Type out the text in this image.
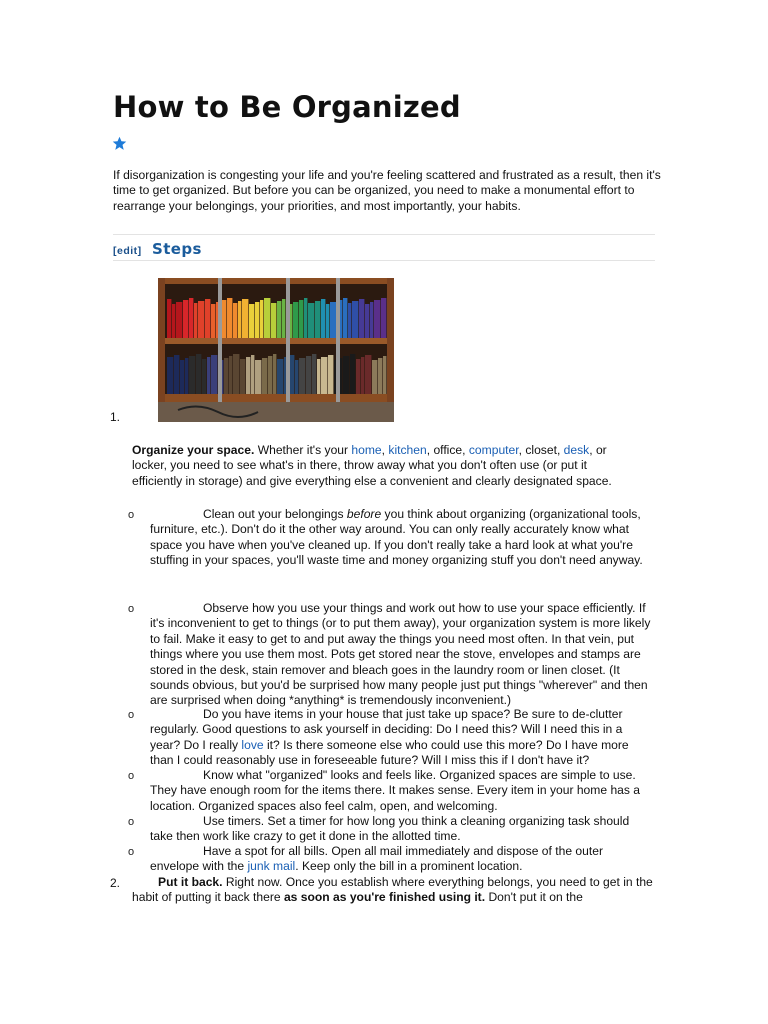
How to Be Organized
If disorganization is congesting your life and you're feeling scattered and frustrated as a result, then it's time to get organized. But before you can be organized, you need to make a monumental effort to rearrange your belongings, your priorities, and most importantly, your habits.
[edit] Steps
1.
Organize your space. Whether it's your home, kitchen, office, computer, closet, desk, or locker, you need to see what's in there, throw away what you don't often use (or put it efficiently in storage) and give everything else a convenient and clearly designated space.
o	Clean out your belongings before you think about organizing (organizational tools, furniture, etc.). Don't do it the other way around. You can only really accurately know what space you have when you've cleaned up. If you don't really take a hard look at what you're stuffing in your spaces, you'll waste time and money organizing stuff you don't need anyway.
o	Observe how you use your things and work out how to use your space efficiently. If it's inconvenient to get to things (or to put them away), your organization system is more likely to fail. Make it easy to get to and put away the things you need most often. In that vein, put things where you use them most. Pots get stored near the stove, envelopes and stamps are stored in the desk, stain remover and bleach goes in the laundry room or linen closet. (It sounds obvious, but you'd be surprised how many people just put things "wherever" and then are surprised when doing *anything* is tremendously inconvenient.)
o	Do you have items in your house that just take up space? Be sure to de-clutter regularly. Good questions to ask yourself in deciding: Do I need this? Will I need this in a year? Do I really love it? Is there someone else who could use this more? Do I have more than I could reasonably use in foreseeable future? Will I miss this if I don't have it?
o	Know what "organized" looks and feels like. Organized spaces are simple to use. They have enough room for the items there. It makes sense. Every item in your home has a location. Organized spaces also feel calm, open, and welcoming.
o	Use timers. Set a timer for how long you think a cleaning organizing task should take then work like crazy to get it done in the allotted time.
o	Have a spot for all bills. Open all mail immediately and dispose of the outer envelope with the junk mail. Keep only the bill in a prominent location.
2.	Put it back. Right now. Once you establish where everything belongs, you need to get in the habit of putting it back there as soon as you're finished using it. Don't put it on the
